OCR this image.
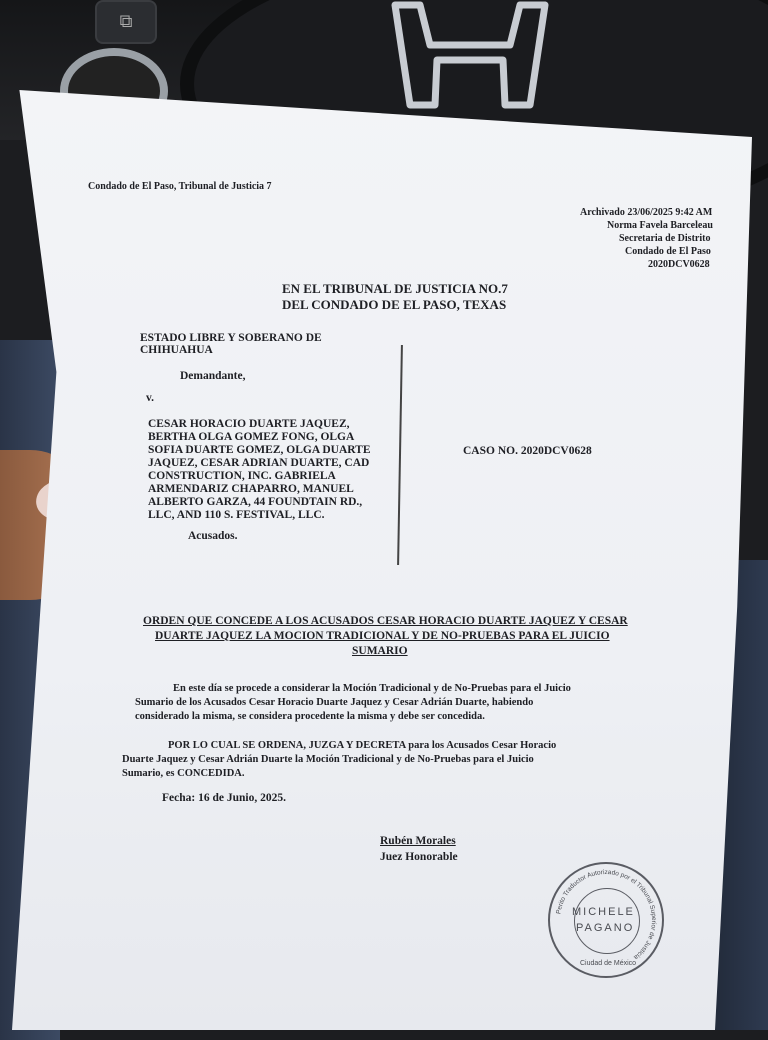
⧉
Condado de El Paso, Tribunal de Justicia 7
Archivado 23/06/2025 9:42 AM
Norma Favela Barceleau
Secretaria de Distrito
Condado de El Paso
2020DCV0628
EN EL TRIBUNAL DE JUSTICIA NO.7
DEL CONDADO DE EL PASO, TEXAS
ESTADO LIBRE Y SOBERANO DE
CHIHUAHUA
Demandante,
v.
CESAR HORACIO DUARTE JAQUEZ,
BERTHA OLGA GOMEZ FONG, OLGA
SOFIA DUARTE GOMEZ, OLGA DUARTE
JAQUEZ, CESAR ADRIAN DUARTE, CAD
CONSTRUCTION, INC. GABRIELA
ARMENDARIZ CHAPARRO, MANUEL
ALBERTO GARZA, 44 FOUNDTAIN RD.,
LLC, AND 110 S. FESTIVAL, LLC.
Acusados.
CASO NO. 2020DCV0628
ORDEN QUE CONCEDE A LOS ACUSADOS CESAR HORACIO DUARTE JAQUEZ Y CESAR
DUARTE JAQUEZ LA MOCION TRADICIONAL Y DE NO-PRUEBAS PARA EL JUICIO
SUMARIO
En este día se procede a considerar la Moción Tradicional y de No-Pruebas para el Juicio
Sumario de los Acusados Cesar Horacio Duarte Jaquez y Cesar Adrián Duarte, habiendo
considerado la misma, se considera procedente la misma y debe ser concedida.
POR LO CUAL SE ORDENA, JUZGA Y DECRETA para los Acusados Cesar Horacio
Duarte Jaquez y Cesar Adrián Duarte la Moción Tradicional y de No-Pruebas para el Juicio
Sumario, es CONCEDIDA.
Fecha: 16 de Junio, 2025.
Rubén Morales
Juez Honorable
Perito Traductor Autorizado por el Tribunal Superior de Justicia
MICHELE
PAGANO
Ciudad de México
